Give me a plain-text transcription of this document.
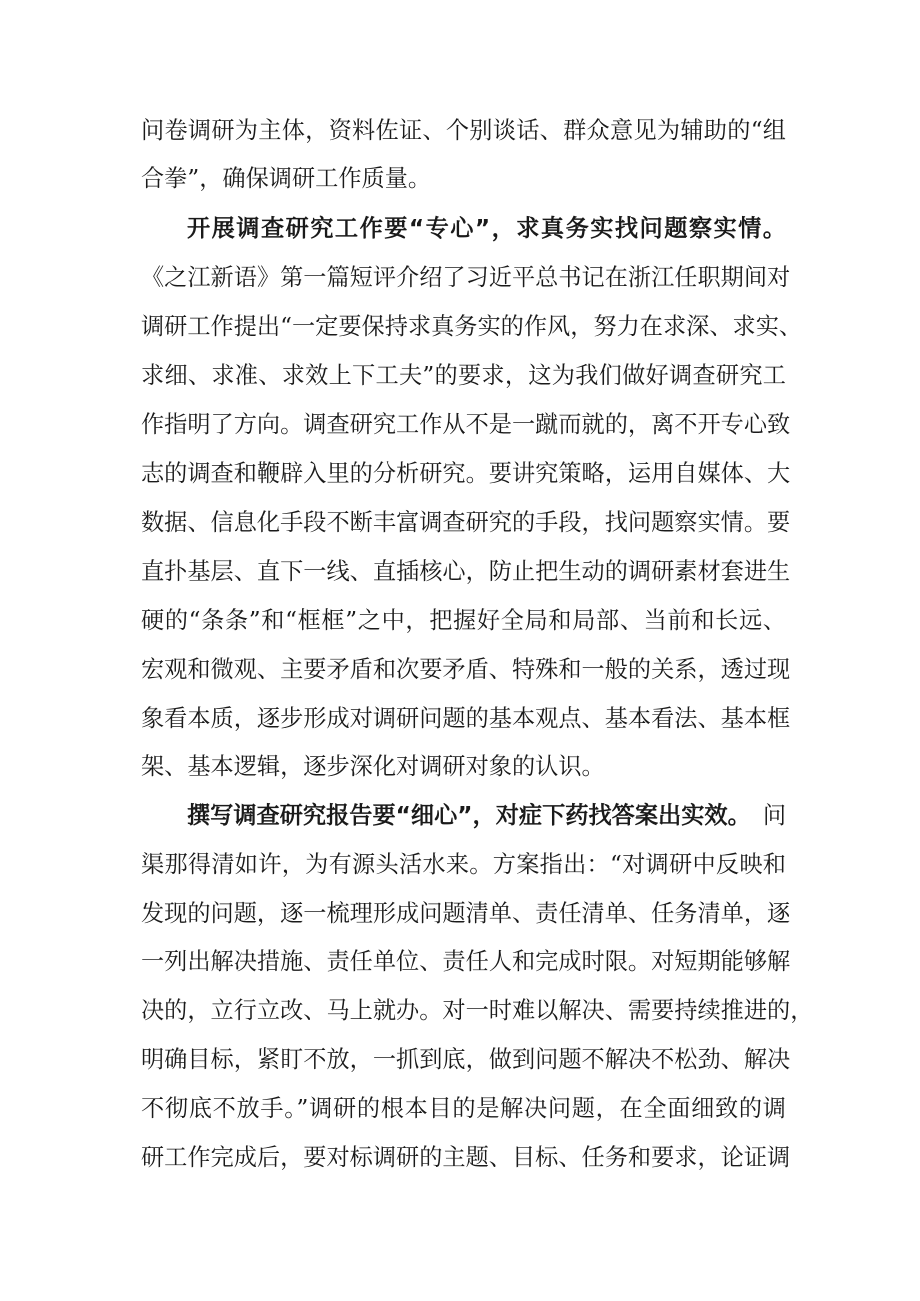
问卷调研为主体，资料佐证、个别谈话、群众意见为辅助的“组
合拳”，确保调研工作质量。
开展调查研究工作要“专心”，求真务实找问题察实情。
《之江新语》第一篇短评介绍了习近平总书记在浙江任职期间对
调研工作提出“一定要保持求真务实的作风，努力在求深、求实、
求细、求准、求效上下工夫”的要求，这为我们做好调查研究工
作指明了方向。调查研究工作从不是一蹴而就的，离不开专心致
志的调查和鞭辟入里的分析研究。要讲究策略，运用自媒体、大
数据、信息化手段不断丰富调查研究的手段，找问题察实情。要
直扑基层、直下一线、直插核心，防止把生动的调研素材套进生
硬的“条条”和“框框”之中，把握好全局和局部、当前和长远、
宏观和微观、主要矛盾和次要矛盾、特殊和一般的关系，透过现
象看本质，逐步形成对调研问题的基本观点、基本看法、基本框
架、基本逻辑，逐步深化对调研对象的认识。
撰写调查研究报告要“细心”，对症下药找答案出实效。 问
渠那得清如许，为有源头活水来。方案指出：“对调研中反映和
发现的问题，逐一梳理形成问题清单、责任清单、任务清单，逐
一列出解决措施、责任单位、责任人和完成时限。对短期能够解
决的，立行立改、马上就办。对一时难以解决、需要持续推进的，
明确目标，紧盯不放，一抓到底，做到问题不解决不松劲、解决
不彻底不放手。”调研的根本目的是解决问题，在全面细致的调
研工作完成后，要对标调研的主题、目标、任务和要求，论证调
